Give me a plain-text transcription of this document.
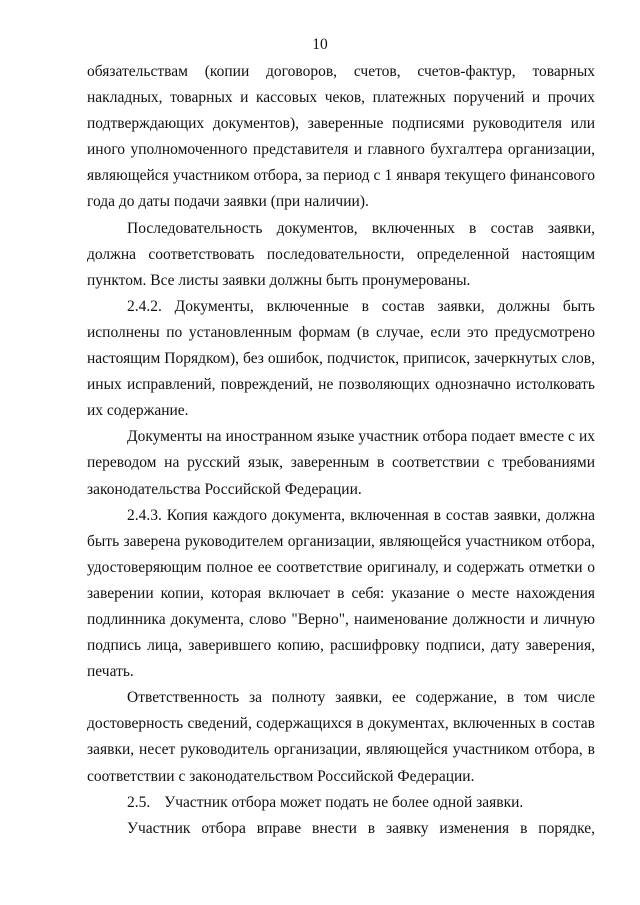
10

обязательствам (копии договоров, счетов, счетов-фактур, товарных накладных, товарных и кассовых чеков, платежных поручений и прочих подтверждающих документов), заверенные подписями руководителя или иного уполномоченного представителя и главного бухгалтера организации, являющейся участником отбора, за период с 1 января текущего финансового года до даты подачи заявки (при наличии).

Последовательность документов, включенных в состав заявки, должна соответствовать последовательности, определенной настоящим пунктом. Все листы заявки должны быть пронумерованы.

2.4.2. Документы, включенные в состав заявки, должны быть исполнены по установленным формам (в случае, если это предусмотрено настоящим Порядком), без ошибок, подчисток, приписок, зачеркнутых слов, иных исправлений, повреждений, не позволяющих однозначно истолковать их содержание.

Документы на иностранном языке участник отбора подает вместе с их переводом на русский язык, заверенным в соответствии с требованиями законодательства Российской Федерации.

2.4.3. Копия каждого документа, включенная в состав заявки, должна быть заверена руководителем организации, являющейся участником отбора, удостоверяющим полное ее соответствие оригиналу, и содержать отметки о заверении копии, которая включает в себя: указание о месте нахождения подлинника документа, слово "Верно", наименование должности и личную подпись лица, заверившего копию, расшифровку подписи, дату заверения, печать.

Ответственность за полноту заявки, ее содержание, в том числе достоверность сведений, содержащихся в документах, включенных в состав заявки, несет руководитель организации, являющейся участником отбора, в соответствии с законодательством Российской Федерации.

2.5. Участник отбора может подать не более одной заявки.

Участник отбора вправе внести в заявку изменения в порядке,
